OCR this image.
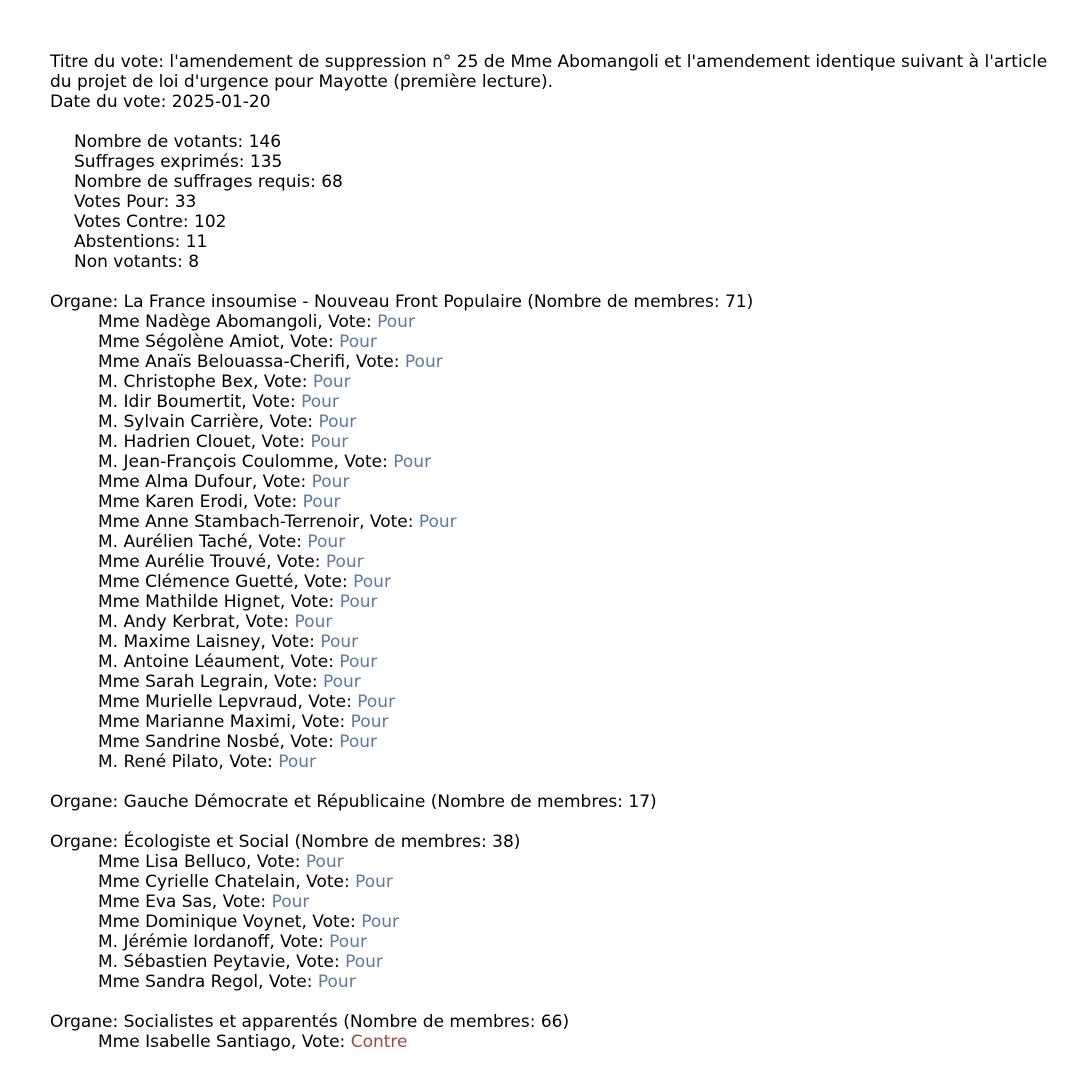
Titre du vote: l'amendement de suppression n° 25 de Mme Abomangoli et l'amendement identique suivant à l'article
du projet de loi d'urgence pour Mayotte (première lecture).
Date du vote: 2025-01-20
Nombre de votants: 146
Suffrages exprimés: 135
Nombre de suffrages requis: 68
Votes Pour: 33
Votes Contre: 102
Abstentions: 11
Non votants: 8
Organe: La France insoumise - Nouveau Front Populaire (Nombre de membres: 71)
Mme Nadège Abomangoli, Vote: Pour
Mme Ségolène Amiot, Vote: Pour
Mme Anaïs Belouassa-Cherifi, Vote: Pour
M. Christophe Bex, Vote: Pour
M. Idir Boumertit, Vote: Pour
M. Sylvain Carrière, Vote: Pour
M. Hadrien Clouet, Vote: Pour
M. Jean-François Coulomme, Vote: Pour
Mme Alma Dufour, Vote: Pour
Mme Karen Erodi, Vote: Pour
Mme Anne Stambach-Terrenoir, Vote: Pour
M. Aurélien Taché, Vote: Pour
Mme Aurélie Trouvé, Vote: Pour
Mme Clémence Guetté, Vote: Pour
Mme Mathilde Hignet, Vote: Pour
M. Andy Kerbrat, Vote: Pour
M. Maxime Laisney, Vote: Pour
M. Antoine Léaument, Vote: Pour
Mme Sarah Legrain, Vote: Pour
Mme Murielle Lepvraud, Vote: Pour
Mme Marianne Maximi, Vote: Pour
Mme Sandrine Nosbé, Vote: Pour
M. René Pilato, Vote: Pour
Organe: Gauche Démocrate et Républicaine (Nombre de membres: 17)
Organe: Écologiste et Social (Nombre de membres: 38)
Mme Lisa Belluco, Vote: Pour
Mme Cyrielle Chatelain, Vote: Pour
Mme Eva Sas, Vote: Pour
Mme Dominique Voynet, Vote: Pour
M. Jérémie Iordanoff, Vote: Pour
M. Sébastien Peytavie, Vote: Pour
Mme Sandra Regol, Vote: Pour
Organe: Socialistes et apparentés (Nombre de membres: 66)
Mme Isabelle Santiago, Vote: Contre
